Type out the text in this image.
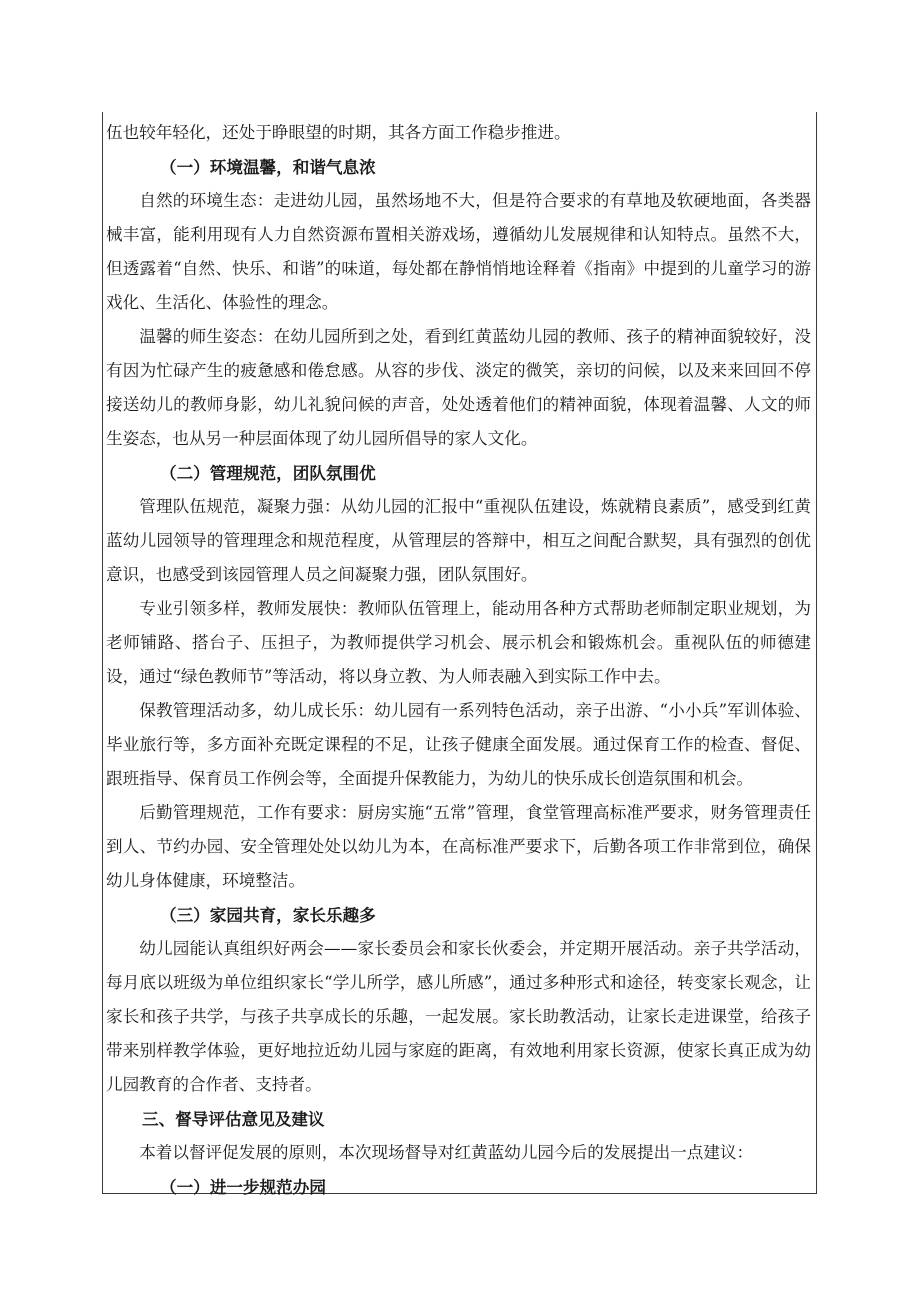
伍也较年轻化，还处于睁眼望的时期，其各方面工作稳步推进。

（一）环境温馨，和谐气息浓

自然的环境生态：走进幼儿园，虽然场地不大，但是符合要求的有草地及软硬地面，各类器械丰富，能利用现有人力自然资源布置相关游戏场，遵循幼儿发展规律和认知特点。虽然不大，但透露着“自然、快乐、和谐”的味道，每处都在静悄悄地诠释着《指南》中提到的儿童学习的游戏化、生活化、体验性的理念。

温馨的师生姿态：在幼儿园所到之处，看到红黄蓝幼儿园的教师、孩子的精神面貌较好，没有因为忙碌产生的疲惫感和倦怠感。从容的步伐、淡定的微笑，亲切的问候，以及来来回回不停接送幼儿的教师身影，幼儿礼貌问候的声音，处处透着他们的精神面貌，体现着温馨、人文的师生姿态，也从另一种层面体现了幼儿园所倡导的家人文化。

（二）管理规范，团队氛围优

管理队伍规范，凝聚力强：从幼儿园的汇报中“重视队伍建设，炼就精良素质”，感受到红黄蓝幼儿园领导的管理理念和规范程度，从管理层的答辩中，相互之间配合默契，具有强烈的创优意识，也感受到该园管理人员之间凝聚力强，团队氛围好。

专业引领多样，教师发展快：教师队伍管理上，能动用各种方式帮助老师制定职业规划，为老师铺路、搭台子、压担子，为教师提供学习机会、展示机会和锻炼机会。重视队伍的师德建设，通过“绿色教师节”等活动，将以身立教、为人师表融入到实际工作中去。

保教管理活动多，幼儿成长乐：幼儿园有一系列特色活动，亲子出游、“小小兵”军训体验、毕业旅行等，多方面补充既定课程的不足，让孩子健康全面发展。通过保育工作的检查、督促、跟班指导、保育员工作例会等，全面提升保教能力，为幼儿的快乐成长创造氛围和机会。

后勤管理规范，工作有要求：厨房实施“五常”管理，食堂管理高标准严要求，财务管理责任到人、节约办园、安全管理处处以幼儿为本，在高标准严要求下，后勤各项工作非常到位，确保幼儿身体健康，环境整洁。

（三）家园共育，家长乐趣多

幼儿园能认真组织好两会——家长委员会和家长伙委会，并定期开展活动。亲子共学活动，每月底以班级为单位组织家长“学儿所学，感儿所感”，通过多种形式和途径，转变家长观念，让家长和孩子共学，与孩子共享成长的乐趣，一起发展。家长助教活动，让家长走进课堂，给孩子带来别样教学体验，更好地拉近幼儿园与家庭的距离，有效地利用家长资源，使家长真正成为幼儿园教育的合作者、支持者。

三、督导评估意见及建议

本着以督评促发展的原则，本次现场督导对红黄蓝幼儿园今后的发展提出一点建议：

（一）进一步规范办园
